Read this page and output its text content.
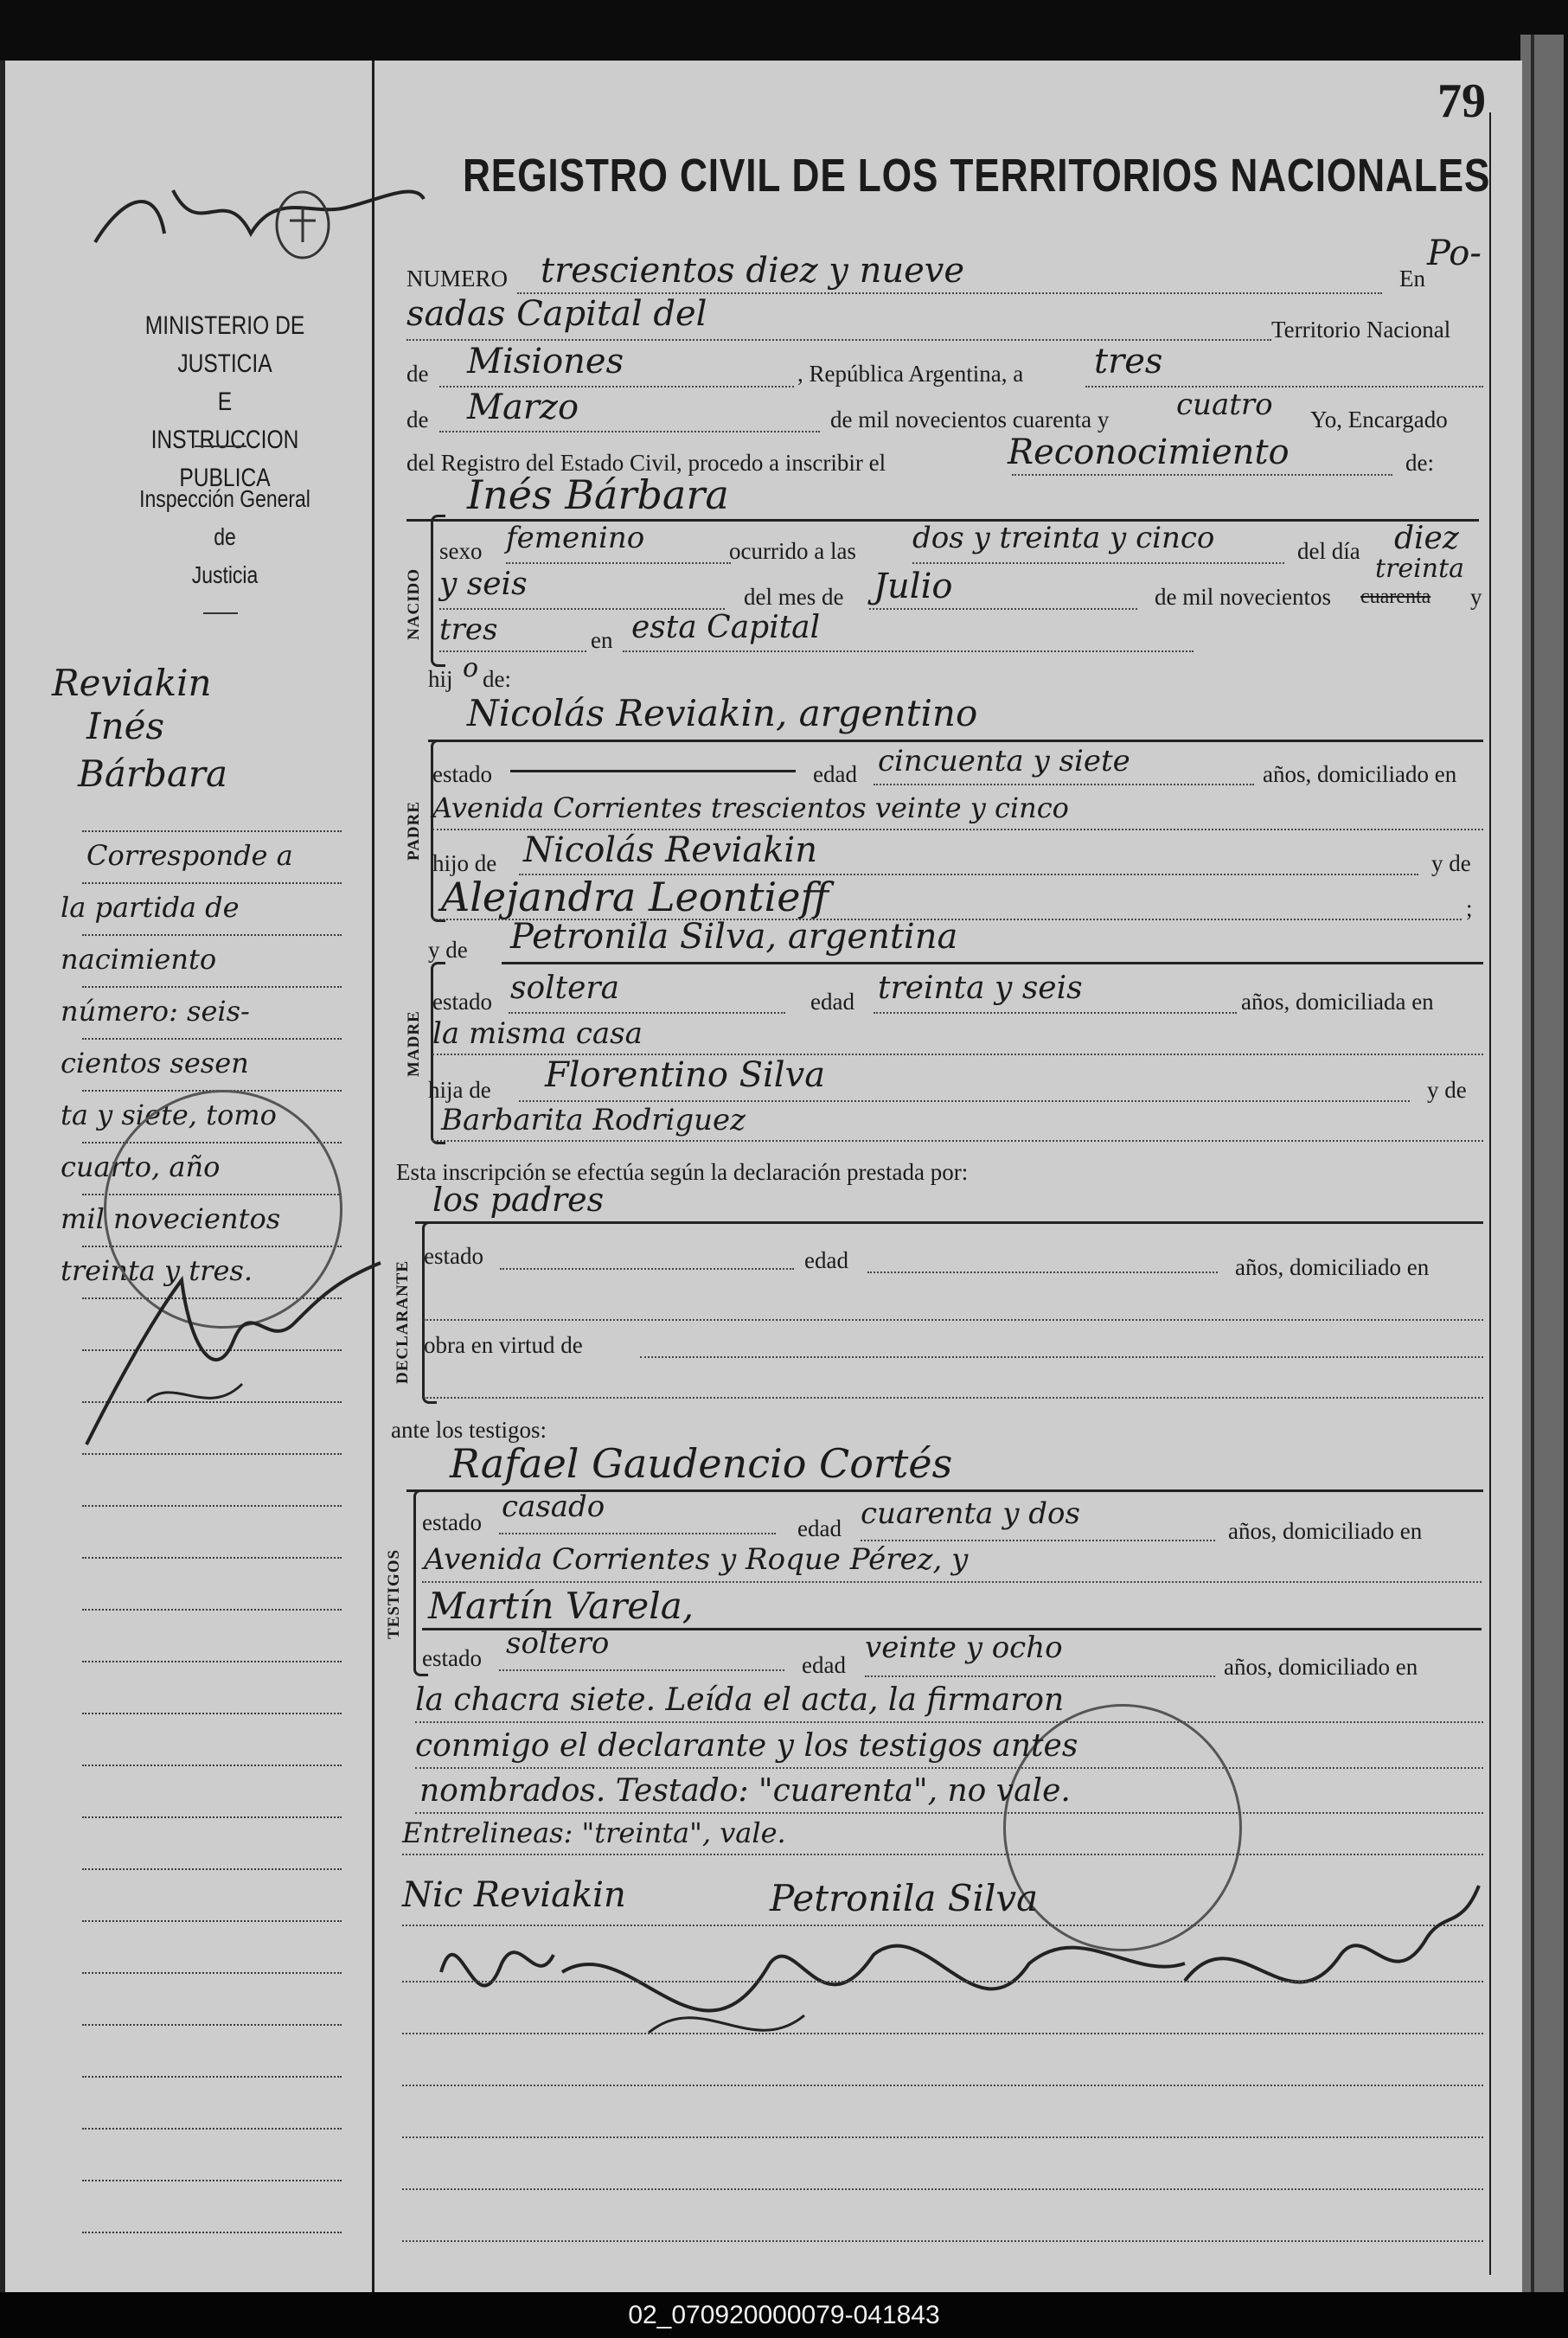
79
REGISTRO CIVIL DE LOS TERRITORIOS NACIONALES
MINISTERIO DE JUSTICIA
E
INSTRUCCION PUBLICA
Inspección General
de
Justicia
Reviakin
Inés
Bárbara
Corresponde a
la partida de
nacimiento
número: seis-
cientos sesen
ta y siete, tomo
cuarto, año
mil novecientos
treinta y tres.
NUMERO trescientos diez y nueve	En
Po-
sadas Capital del	Territorio Nacional
de Misiones	, República Argentina, a tres
de Marzo	de mil novecientos cuarenta y cuatro Yo, Encargado
del Registro del Estado Civil, procedo a inscribir el	Reconocimiento	de:
Inés Bárbara
NACIDO
sexo femenino	ocurrido a las dos y treinta y cinco	del día diez
y seis	del mes de Julio	de mil novecientos cuarenta
treinta
y
tres	en esta Capital
hij o de:
Nicolás Reviakin, argentino
PADRE
estado	edad cincuenta y siete	años, domiciliado en
Avenida Corrientes trescientos veinte y cinco
hijo de Nicolás Reviakin	y de
Alejandra Leontieff	;
y de Petronila Silva, argentina
MADRE
estado soltera	edad treinta y seis	años, domiciliada en
la misma casa
hija de Florentino Silva	y de
Barbarita Rodriguez
Esta inscripción se efectúa según la declaración prestada por:
los padres
DECLARANTE
estado	edad	años, domiciliado en
obra en virtud de
ante los testigos:
Rafael Gaudencio Cortés
TESTIGOS
estado casado
edad cuarenta y dos	años, domiciliado en
Avenida Corrientes y Roque Pérez, y
Martín Varela,
estado soltero
edad veinte y ocho
años, domiciliado en
la chacra siete. Leída el acta, la firmaron
conmigo el declarante y los testigos antes
nombrados. Testado: "cuarenta", no vale.
Entrelineas: "treinta", vale.
Nic Reviakin	Petronila Silva
02_070920000079-041843
